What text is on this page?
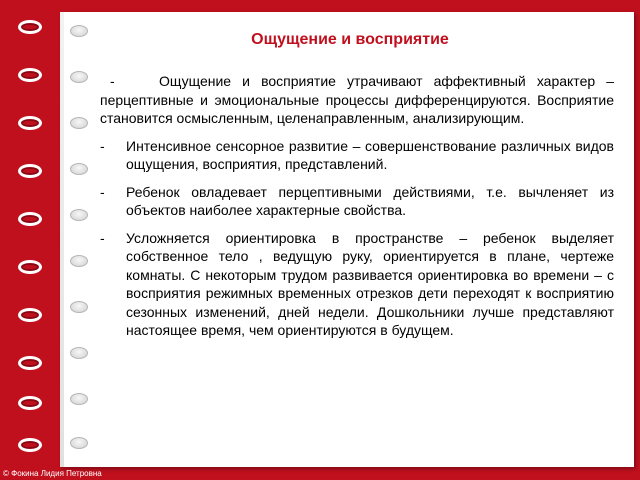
Ощущение и восприятие

-	Ощущение и восприятие утрачивают аффективный характер – перцептивные и эмоциональные процессы дифференцируются. Восприятие становится осмысленным, целенаправленным, анализирующим.

-	Интенсивное сенсорное развитие – совершенствование различных видов ощущения, восприятия, представлений.
-	Ребенок овладевает перцептивными действиями, т.е. вычленяет из объектов наиболее характерные свойства.
-	Усложняется ориентировка в пространстве – ребенок выделяет собственное тело , ведущую руку, ориентируется в плане, чертеже комнаты. С некоторым трудом развивается ориентировка во времени – с восприятия режимных временных отрезков дети переходят к восприятию сезонных изменений, дней недели. Дошкольники лучше представляют настоящее время, чем ориентируются в будущем.
© Фокина Лидия Петровна
